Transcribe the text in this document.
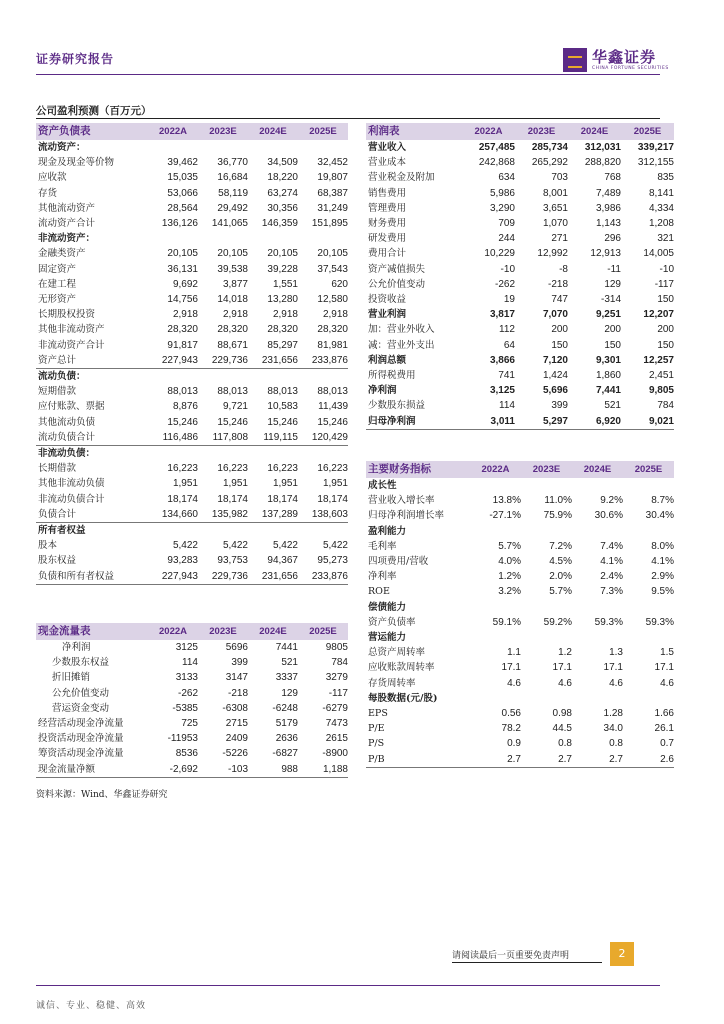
证券研究报告	华鑫证券
CHINA FORTUNE SECURITIES
公司盈利预测（百万元）
资产负债表	2022A	2023E	2024E	2025E
流动资产：				
现金及现金等价物	39,462	36,770	34,509	32,452
应收款	15,035	16,684	18,220	19,807
存货	53,066	58,119	63,274	68,387
其他流动资产	28,564	29,492	30,356	31,249
流动资产合计	136,126	141,065	146,359	151,895
非流动资产：				
金融类资产	20,105	20,105	20,105	20,105
固定资产	36,131	39,538	39,228	37,543
在建工程	9,692	3,877	1,551	620
无形资产	14,756	14,018	13,280	12,580
长期股权投资	2,918	2,918	2,918	2,918
其他非流动资产	28,320	28,320	28,320	28,320
非流动资产合计	91,817	88,671	85,297	81,981
资产总计	227,943	229,736	231,656	233,876
流动负债：				
短期借款	88,013	88,013	88,013	88,013
应付账款、票据	8,876	9,721	10,583	11,439
其他流动负债	15,246	15,246	15,246	15,246
流动负债合计	116,486	117,808	119,115	120,429
非流动负债：				
长期借款	16,223	16,223	16,223	16,223
其他非流动负债	1,951	1,951	1,951	1,951
非流动负债合计	18,174	18,174	18,174	18,174
负债合计	134,660	135,982	137,289	138,603
所有者权益				
股本	5,422	5,422	5,422	5,422
股东权益	93,283	93,753	94,367	95,273
负债和所有者权益	227,943	229,736	231,656	233,876
利润表	2022A	2023E	2024E	2025E
营业收入	257,485	285,734	312,031	339,217
营业成本	242,868	265,292	288,820	312,155
营业税金及附加	634	703	768	835
销售费用	5,986	8,001	7,489	8,141
管理费用	3,290	3,651	3,986	4,334
财务费用	709	1,070	1,143	1,208
研发费用	244	271	296	321
费用合计	10,229	12,992	12,913	14,005
资产减值损失	-10	-8	-11	-10
公允价值变动	-262	-218	129	-117
投资收益	19	747	-314	150
营业利润	3,817	7,070	9,251	12,207
加：营业外收入	112	200	200	200
减：营业外支出	64	150	150	150
利润总额	3,866	7,120	9,301	12,257
所得税费用	741	1,424	1,860	2,451
净利润	3,125	5,696	7,441	9,805
少数股东损益	114	399	521	784
归母净利润	3,011	5,297	6,920	9,021
主要财务指标	2022A	2023E	2024E	2025E
成长性				
营业收入增长率	13.8%	11.0%	9.2%	8.7%
归母净利润增长率	-27.1%	75.9%	30.6%	30.4%
盈利能力				
毛利率	5.7%	7.2%	7.4%	8.0%
四项费用/营收	4.0%	4.5%	4.1%	4.1%
净利率	1.2%	2.0%	2.4%	2.9%
ROE	3.2%	5.7%	7.3%	9.5%
偿债能力				
资产负债率	59.1%	59.2%	59.3%	59.3%
营运能力				
总资产周转率	1.1	1.2	1.3	1.5
应收账款周转率	17.1	17.1	17.1	17.1
存货周转率	4.6	4.6	4.6	4.6
每股数据(元/股)				
EPS	0.56	0.98	1.28	1.66
P/E	78.2	44.5	34.0	26.1
P/S	0.9	0.8	0.8	0.7
P/B	2.7	2.7	2.7	2.6
现金流量表	2022A	2023E	2024E	2025E
净利润	3125	5696	7441	9805
少数股东权益	114	399	521	784
折旧摊销	3133	3147	3337	3279
公允价值变动	-262	-218	129	-117
营运资金变动	-5385	-6308	-6248	-6279
经营活动现金净流量	725	2715	5179	7473
投资活动现金净流量	-11953	2409	2636	2615
筹资活动现金净流量	8536	-5226	-6827	-8900
现金流量净额	-2,692	-103	988	1,188
资料来源：Wind、华鑫证券研究
请阅读最后一页重要免责声明	2
诚信、专业、稳健、高效
